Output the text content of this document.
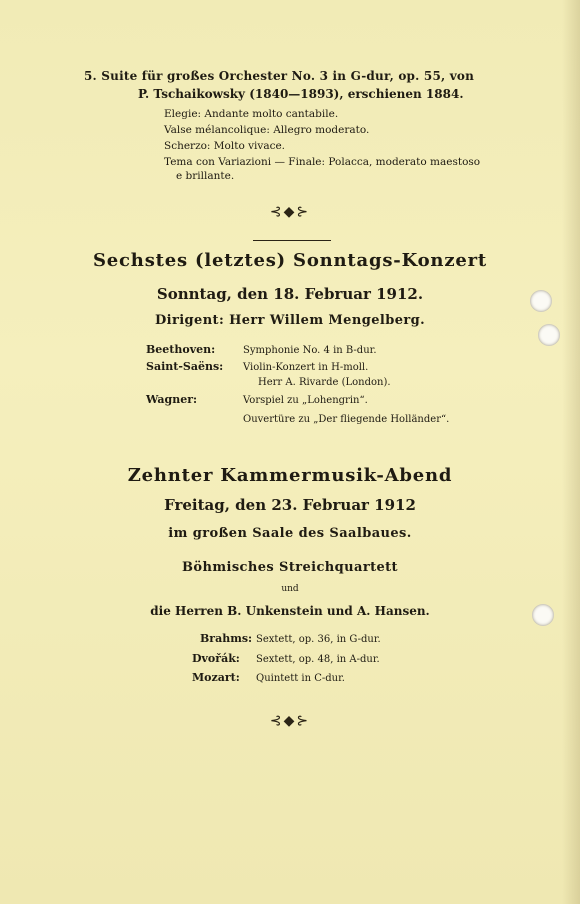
5. Suite für großes Orchester No. 3 in G-dur, op. 55, von
P. Tschaikowsky (1840—1893), erschienen 1884.
Elegie: Andante molto cantabile.
Valse mélancolique: Allegro moderato.
Scherzo: Molto vivace.
Tema con Variazioni — Finale: Polacca, moderato maestoso
e brillante.
⊰◆⊱
Sechstes (letztes) Sonntags-Konzert
Sonntag, den 18. Februar 1912.
Dirigent: Herr Willem Mengelberg.
Beethoven:	Symphonie No. 4 in B-dur.
Saint-Saëns: Violin-Konzert in H-moll.
Herr A. Rivarde (London).
Wagner:	Vorspiel zu „Lohengrin“.
Ouvertüre zu „Der fliegende Holländer“.
Zehnter Kammermusik-Abend
Freitag, den 23. Februar 1912
im großen Saale des Saalbaues.
Böhmisches Streichquartett
und
die Herren B. Unkenstein und A. Hansen.
Brahms: Sextett, op. 36, in G-dur.
Dvořák: Sextett, op. 48, in A-dur.
Mozart: Quintett in C-dur.
⊰◆⊱
